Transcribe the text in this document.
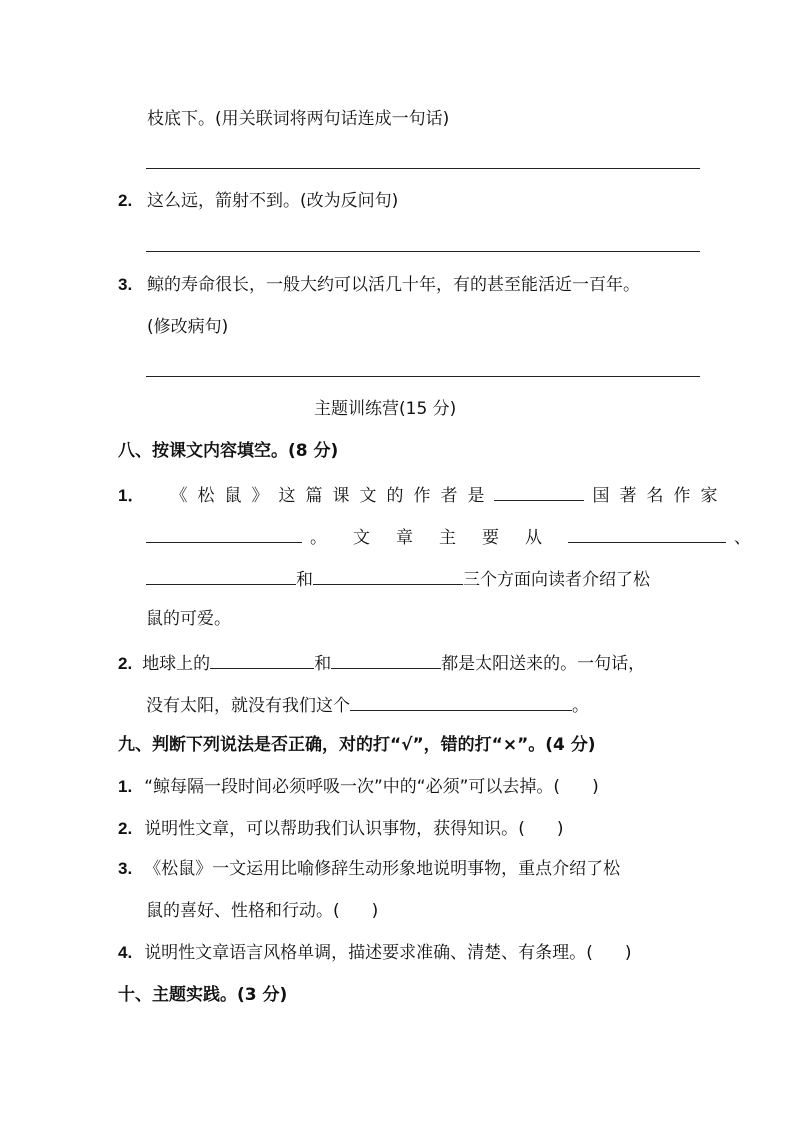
枝底下。(用关联词将两句话连成一句话)
2. 这么远，箭射不到。(改为反问句)
3. 鲸的寿命很长，一般大约可以活几十年，有的甚至能活近一百年。
(修改病句)
主题训练营(15 分)
八、按课文内容填空。(8 分)
1． 《松鼠》这篇课文的作者是	国著名作家
。文章主要从	、
和	三个方面向读者介绍了松
鼠的可爱。
2. 地球上的	和	都是太阳送来的。一句话，
没有太阳，就没有我们这个	。
九、判断下列说法是否正确，对的打“√”，错的打“×”。(4 分)
1. “鲸每隔一段时间必须呼吸一次”中的“必须”可以去掉。( )
2. 说明性文章，可以帮助我们认识事物，获得知识。( )
3. 《松鼠》一文运用比喻修辞生动形象地说明事物，重点介绍了松
鼠的喜好、性格和行动。( )
4. 说明性文章语言风格单调，描述要求准确、清楚、有条理。( )
十、主题实践。(3 分)
